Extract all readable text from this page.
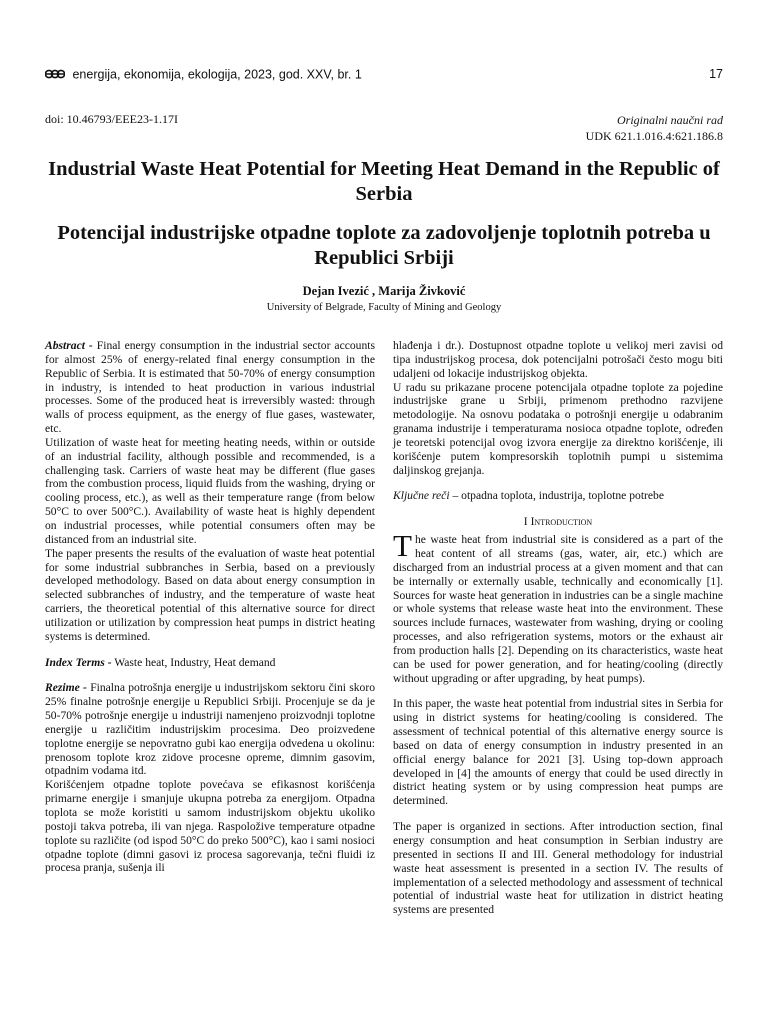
energija, ekonomija, ekologija, 2023, god. XXV, br. 1	17
doi: 10.46793/EEE23-1.17I	Originalni naučni rad
UDK 621.1.016.4:621.186.8
Industrial Waste Heat Potential for Meeting Heat Demand in the Republic of Serbia
Potencijal industrijske otpadne toplote za zadovoljenje toplotnih potreba u Republici Srbiji
Dejan Ivezić , Marija Živković
University of Belgrade, Faculty of Mining and Geology

Abstract - Final energy consumption in the industrial sector accounts for almost 25% of energy-related final energy consumption in the Republic of Serbia. It is estimated that 50-70% of energy consumption in industry, is intended to heat production in various industrial processes. Some of the produced heat is irreversibly wasted: through walls of process equipment, as the energy of flue gases, wastewater, etc.

Utilization of waste heat for meeting heating needs, within or outside of an industrial facility, although possible and recommended, is a challenging task. Carriers of waste heat may be different (flue gases from the combustion process, liquid fluids from the washing, drying or cooling process, etc.), as well as their temperature range (from below 50°C to over 500°C.). Availability of waste heat is highly dependent on industrial processes, while potential consumers often may be distanced from an industrial site.

The paper presents the results of the evaluation of waste heat potential for some industrial subbranches in Serbia, based on a previously developed methodology. Based on data about energy consumption in selected subbranches of industry, and the temperature of waste heat carriers, the theoretical potential of this alternative source for direct utilization or utilization by compression heat pumps in district heating systems is determined.

Index Terms - Waste heat, Industry, Heat demand

Rezime - Finalna potrošnja energije u industrijskom sektoru čini skoro 25% finalne potrošnje energije u Republici Srbiji. Procenjuje se da je 50-70% potrošnje energije u industriji namenjeno proizvodnji toplotne energije u različitim industrijskim procesima. Deo proizvedene toplotne energije se nepovratno gubi kao energija odvedena u okolinu: prenosom toplote kroz zidove procesne opreme, dimnim gasovim, otpadnim vodama itd.

Korišćenjem otpadne toplote povećava se efikasnost korišćenja primarne energije i smanjuje ukupna potreba za energijom. Otpadna toplota se može koristiti u samom industrijskom objektu ukoliko postoji takva potreba, ili van njega. Raspoložive temperature otpadne toplote su različite (od ispod 50°C do preko 500°C), kao i sami nosioci otpadne toplote (dimni gasovi iz procesa sagorevanja, tečni fluidi iz procesa pranja, sušenja ili

hlađenja i dr.). Dostupnost otpadne toplote u velikoj meri zavisi od tipa industrijskog procesa, dok potencijalni potrošači često mogu biti udaljeni od lokacije industrijskog objekta.

U radu su prikazane procene potencijala otpadne toplote za pojedine industrijske grane u Srbiji, primenom prethodno razvijene metodologije. Na osnovu podataka o potrošnji energije u odabranim granama industrije i temperaturama nosioca otpadne toplote, određen je teoretski potencijal ovog izvora energije za direktno korišćenje, ili korišćenje putem kompresorskih toplotnih pumpi u sistemima daljinskog grejanja.

Ključne reči – otpadna toplota, industrija, toplotne potrebe

I Introduction

The waste heat from industrial site is considered as a part of the heat content of all streams (gas, water, air, etc.) which are discharged from an industrial process at a given moment and that can be internally or externally usable, technically and economically [1]. Sources for waste heat generation in industries can be a single machine or whole systems that release waste heat into the environment. These sources include furnaces, wastewater from washing, drying or cooling processes, and also refrigeration systems, motors or the exhaust air from production halls [2]. Depending on its characteristics, waste heat can be used for power generation, and for heating/cooling (directly without upgrading or after upgrading, by heat pumps).

In this paper, the waste heat potential from industrial sites in Serbia for using in district systems for heating/cooling is considered. The assessment of technical potential of this alternative energy source is based on data of energy consumption in industry presented in an official energy balance for 2021 [3]. Using top-down approach developed in [4] the amounts of energy that could be used directly in district heating system or by using compression heat pumps are determined.

The paper is organized in sections. After introduction section, final energy consumption and heat consumption in Serbian industry are presented in sections II and III. General methodology for industrial waste heat assessment is presented in a section IV. The results of implementation of a selected methodology and assessment of technical potential of industrial waste heat for utilization in district heating systems are presented
